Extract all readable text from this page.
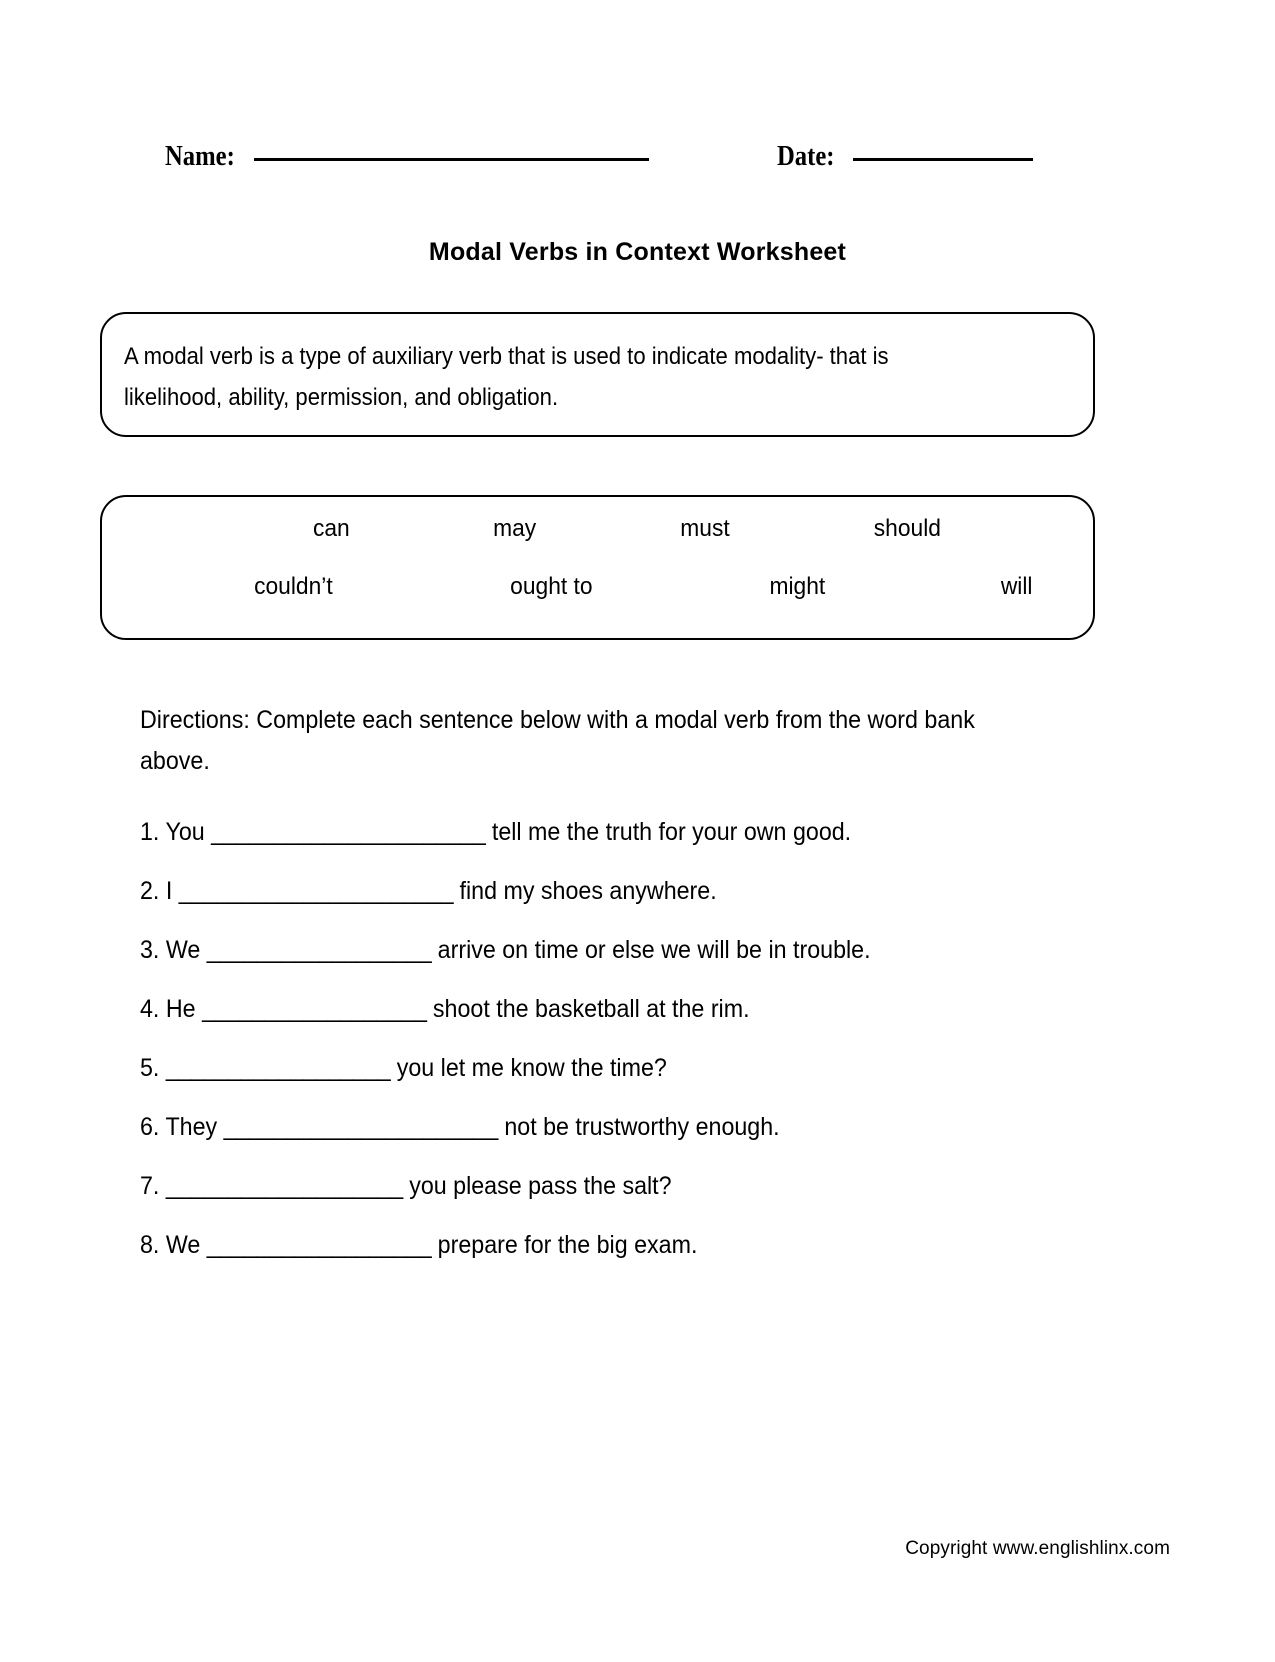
Name:	Date:
Modal Verbs in Context Worksheet
A modal verb is a type of auxiliary verb that is used to indicate modality- that is likelihood, ability, permission, and obligation.
can	may	must	should
couldn’t	ought to	might	will
Directions: Complete each sentence below with a modal verb from the word bank above.
1. You ______________________ tell me the truth for your own good.
2. I ______________________ find my shoes anywhere.
3. We __________________ arrive on time or else we will be in trouble.
4. He __________________ shoot the basketball at the rim.
5. __________________ you let me know the time?
6. They ______________________ not be trustworthy enough.
7. ___________________ you please pass the salt?
8. We __________________ prepare for the big exam.
Copyright www.englishlinx.com
